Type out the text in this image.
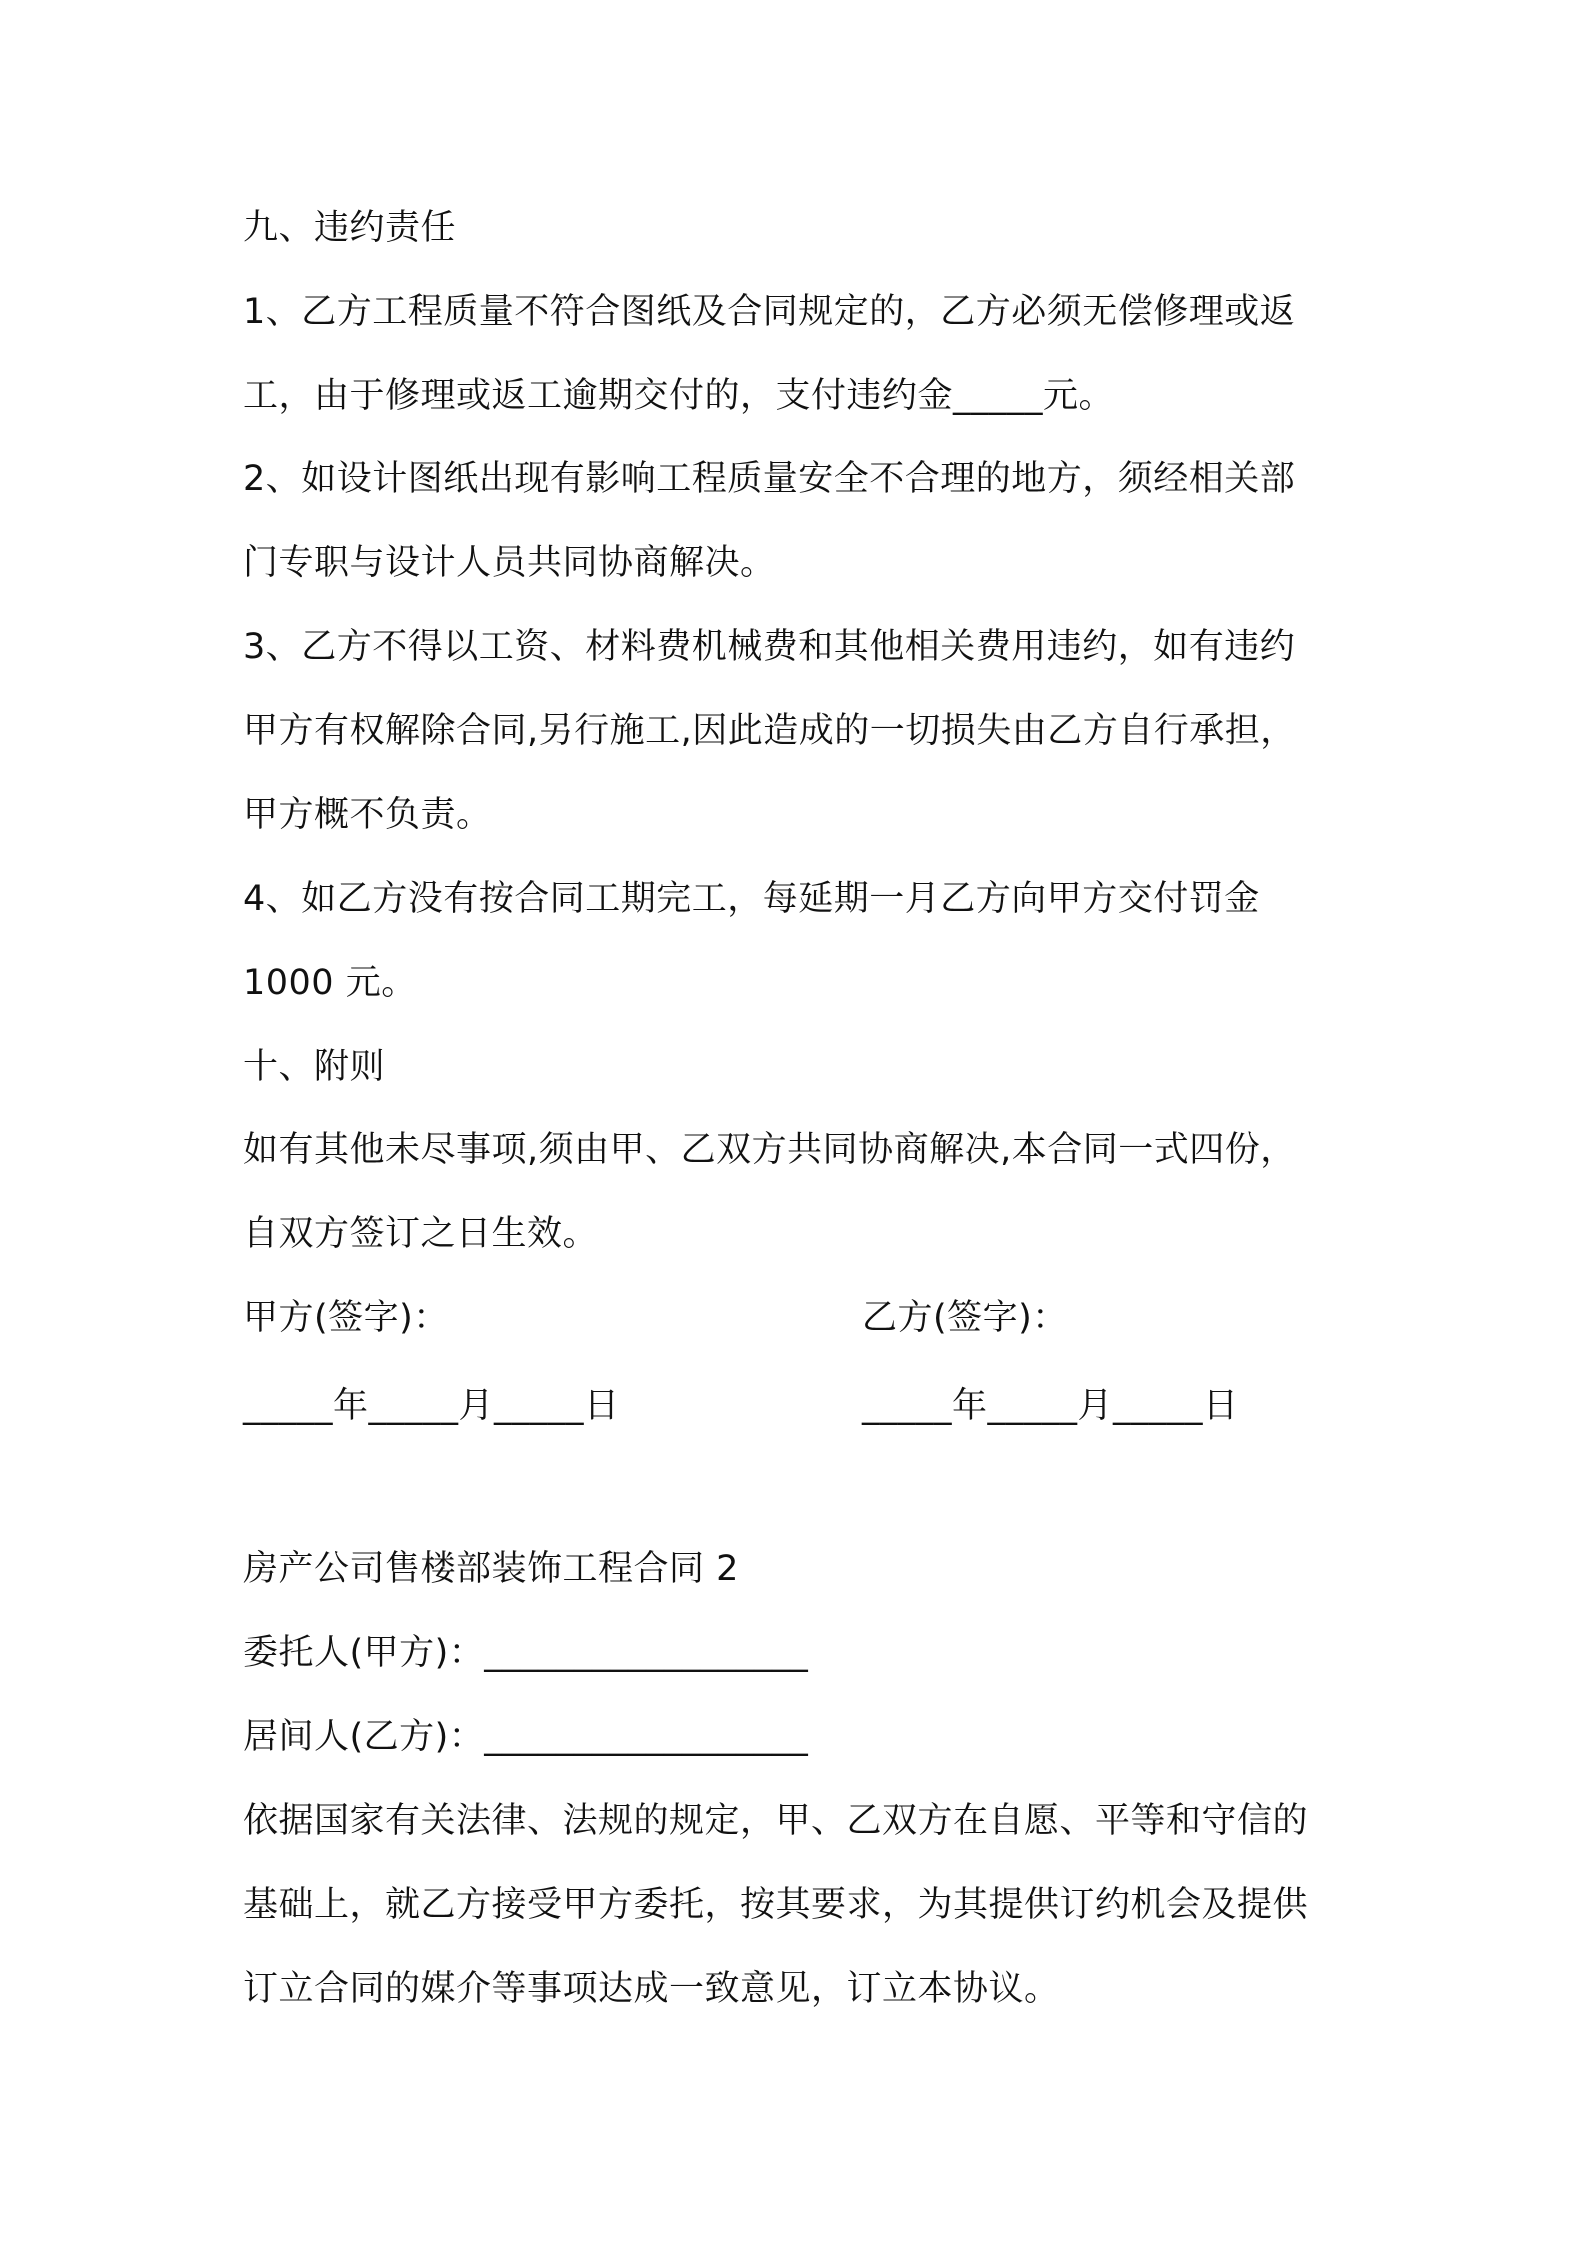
九、违约责任
1、乙方工程质量不符合图纸及合同规定的，乙方必须无偿修理或返
工，由于修理或返工逾期交付的，支付违约金_____元。
2、如设计图纸出现有影响工程质量安全不合理的地方，须经相关部
门专职与设计人员共同协商解决。
3、乙方不得以工资、材料费机械费和其他相关费用违约，如有违约
甲方有权解除合同,另行施工,因此造成的一切损失由乙方自行承担，
甲方概不负责。
4、如乙方没有按合同工期完工，每延期一月乙方向甲方交付罚金
1000 元。
十、附则
如有其他未尽事项,须由甲、乙双方共同协商解决,本合同一式四份，
自双方签订之日生效。
甲方(签字)：	乙方(签字)：
_____年_____月_____日	_____年_____月_____日
房产公司售楼部装饰工程合同 2
委托人(甲方)：__________________
居间人(乙方)：__________________
依据国家有关法律、法规的规定，甲、乙双方在自愿、平等和守信的
基础上，就乙方接受甲方委托，按其要求，为其提供订约机会及提供
订立合同的媒介等事项达成一致意见，订立本协议。
